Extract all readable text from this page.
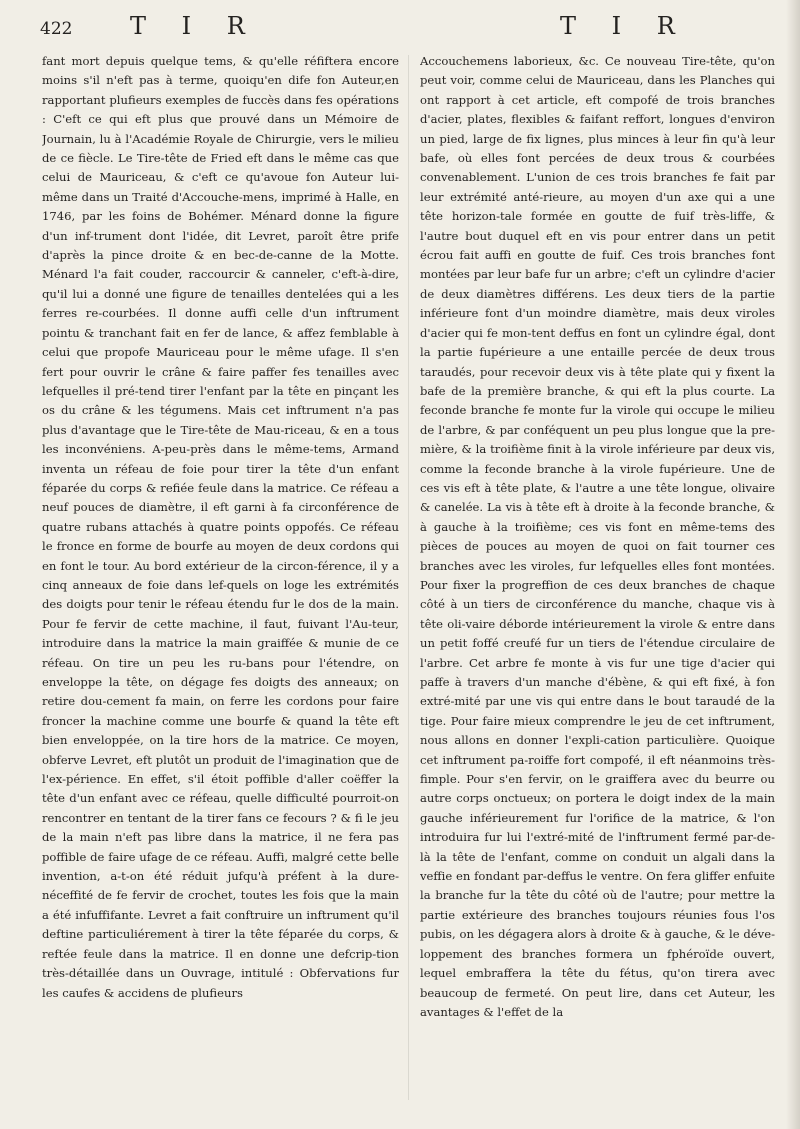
422 T I R	T I R

fant mort depuis quelque tems, & qu'elle réfiftera encore moins s'il n'eft pas à terme, quoiqu'en dife fon Auteur,en rapportant plufieurs exemples de fuccès dans fes opérations : C'eft ce qui eft plus que prouvé dans un Mémoire de Journain, lu à l'Académie Royale de Chirurgie, vers le milieu de ce fiècle. Le Tire-tête de Fried eft dans le même cas que celui de Mauriceau, & c'eft ce qu'avoue fon Auteur lui-même dans un Traité d'Accouche-mens, imprimé à Halle, en 1746, par les foins de Bohémer. Ménard donne la figure d'un inf-trument dont l'idée, dit Levret, paroît être prife d'après la pince droite & en bec-de-canne de la Motte. Ménard l'a fait couder, raccourcir & canneler, c'eft-à-dire, qu'il lui a donné une figure de tenailles dentelées qui a les ferres re-courbées. Il donne auffi celle d'un inftrument pointu & tranchant fait en fer de lance, & affez femblable à celui que propofe Mauriceau pour le même ufage. Il s'en fert pour ouvrir le crâne & faire paffer fes tenailles avec lefquelles il pré-tend tirer l'enfant par la tête en pinçant les os du crâne & les tégumens. Mais cet inftrument n'a pas plus d'avantage que le Tire-tête de Mau-riceau, & en a tous les inconvéniens. A-peu-près dans le même-tems, Armand inventa un réfeau de foie pour tirer la tête d'un enfant féparée du corps & refiée feule dans la matrice. Ce réfeau a neuf pouces de diamètre, il eft garni à fa circonférence de quatre rubans attachés à quatre points oppofés. Ce réfeau le fronce en forme de bourfe au moyen de deux cordons qui en font le tour. Au bord extérieur de la circon-férence, il y a cinq anneaux de foie dans lef-quels on loge les extrémités des doigts pour tenir le réfeau étendu fur le dos de la main. Pour fe fervir de cette machine, il faut, fuivant l'Au-teur, introduire dans la matrice la main graiffée & munie de ce réfeau. On tire un peu les ru-bans pour l'étendre, on enveloppe la tête, on dégage fes doigts des anneaux; on retire dou-cement fa main, on ferre les cordons pour faire froncer la machine comme une bourfe & quand la tête eft bien enveloppée, on la tire hors de la matrice. Ce moyen, obferve Levret, eft plutôt un produit de l'imagination que de l'ex-périence. En effet, s'il étoit poffible d'aller coëffer la tête d'un enfant avec ce réfeau, quelle difficulté pourroit-on rencontrer en tentant de la tirer fans ce fecours ? & fi le jeu de la main n'eft pas libre dans la matrice, il ne fera pas poffible de faire ufage de ce réfeau. Auffi, malgré cette belle invention, a-t-on été réduit jufqu'à préfent à la dure-néceffité de fe fervir de crochet, toutes les fois que la main a été infuffifante. Levret a fait conftruire un inftrument qu'il deftine particuliérement à tirer la tête féparée du corps, & reftée feule dans la matrice. Il en donne une defcrip-tion très-détaillée dans un Ouvrage, intitulé : Obfervations fur les caufes & accidens de plufieurs

Accouchemens laborieux, &c. Ce nouveau Tire-tête, qu'on peut voir, comme celui de Mauriceau, dans les Planches qui ont rapport à cet article, eft compofé de trois branches d'acier, plates, flexibles & faifant reffort, longues d'environ un pied, large de fix lignes, plus minces à leur fin qu'à leur bafe, où elles font percées de deux trous & courbées convenablement. L'union de ces trois branches fe fait par leur extrémité anté-rieure, au moyen d'un axe qui a une tête horizon-tale formée en goutte de fuif très-liffe, & l'autre bout duquel eft en vis pour entrer dans un petit écrou fait auffi en goutte de fuif. Ces trois branches font montées par leur bafe fur un arbre; c'eft un cylindre d'acier de deux diamètres différens. Les deux tiers de la partie inférieure font d'un moindre diamètre, mais deux viroles d'acier qui fe mon-tent deffus en font un cylindre égal, dont la partie fupérieure a une entaille percée de deux trous taraudés, pour recevoir deux vis à tête plate qui y fixent la bafe de la première branche, & qui eft la plus courte. La feconde branche fe monte fur la virole qui occupe le milieu de l'arbre, & par conféquent un peu plus longue que la pre-mière, & la troifième finit à la virole inférieure par deux vis, comme la feconde branche à la virole fupérieure. Une de ces vis eft à tête plate, & l'autre a une tête longue, olivaire & canelée. La vis à tête eft à droite à la feconde branche, & à gauche à la troifième; ces vis font en même-tems des pièces de pouces au moyen de quoi on fait tourner ces branches avec les viroles, fur lefquelles elles font montées. Pour fixer la progreffion de ces deux branches de chaque côté à un tiers de circonférence du manche, chaque vis à tête oli-vaire déborde intérieurement la virole & entre dans un petit foffé creufé fur un tiers de l'étendue circulaire de l'arbre. Cet arbre fe monte à vis fur une tige d'acier qui paffe à travers d'un manche d'ébène, & qui eft fixé, à fon extré-mité par une vis qui entre dans le bout taraudé de la tige. Pour faire mieux comprendre le jeu de cet inftrument, nous allons en donner l'expli-cation particulière. Quoique cet inftrument pa-roiffe fort compofé, il eft néanmoins très-fimple. Pour s'en fervir, on le graiffera avec du beurre ou autre corps onctueux; on portera le doigt index de la main gauche inférieurement fur l'orifice de la matrice, & l'on introduira fur lui l'extré-mité de l'inftrument fermé par-de-là la tête de l'enfant, comme on conduit un algali dans la veffie en fondant par-deffus le ventre. On fera gliffer enfuite la branche fur la tête du côté où de l'autre; pour mettre la partie extérieure des branches toujours réunies fous l'os pubis, on les dégagera alors à droite & à gauche, & le déve-loppement des branches formera un fphéroïde ouvert, lequel embraffera la tête du fétus, qu'on tirera avec beaucoup de fermeté. On peut lire, dans cet Auteur, les avantages & l'effet de la
